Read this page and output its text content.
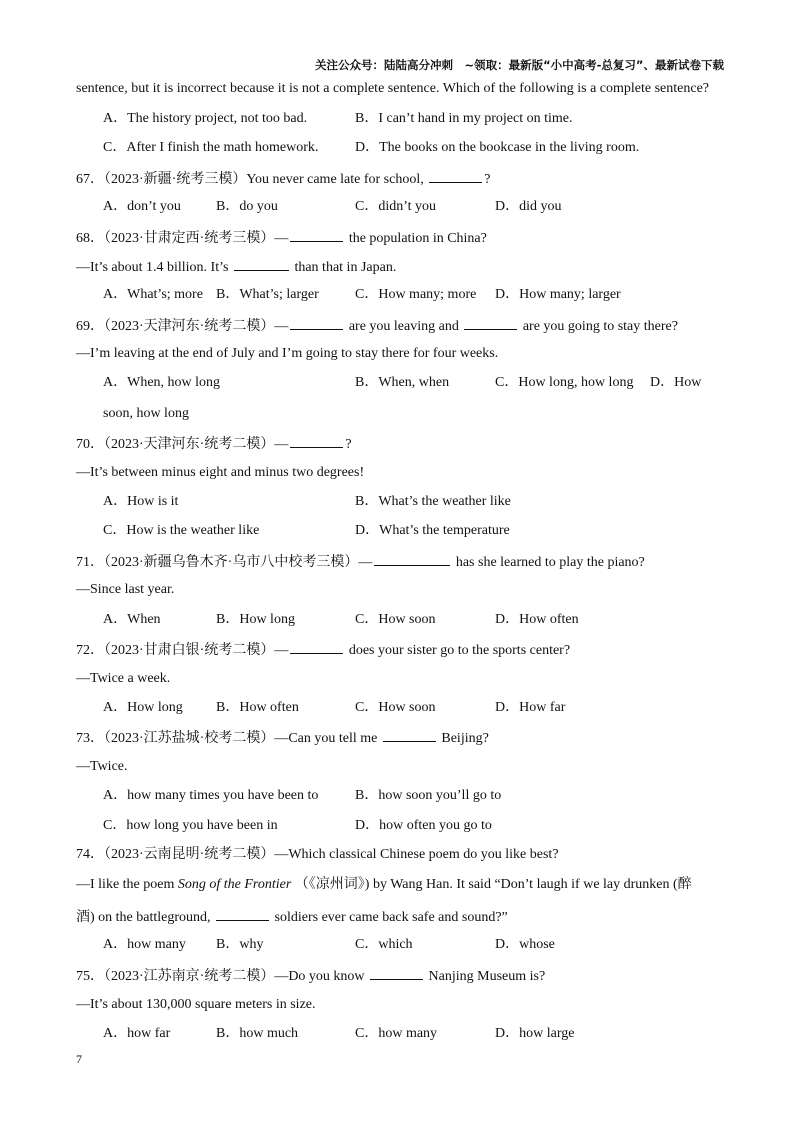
关注公众号：陆陆高分冲刺　~领取：最新版“小中高考-总复习”、最新试卷下载
sentence, but it is incorrect because it is not a complete sentence. Which of the following is a complete sentence?
A．The history project, not too bad.	B．I can’t hand in my project on time.
C．After I finish the math homework.	D．The books on the bookcase in the living room.
67．（2023·新疆·统考三模）You never came late for school,	?
A．don’t you	B．do you	C．didn’t you	D．did you
68．（2023·甘肃定西·统考三模）—	the population in China?
—It’s about 1.4 billion. It’s	than that in Japan.
A．What’s; more B．What’s; larger	C．How many; more D．How many; larger
69．（2023·天津河东·统考二模）—	are you leaving and	are you going to stay there?
—I’m leaving at the end of July and I’m going to stay there for four weeks.
A．When, how long	B．When, when	C．How long, how long D．How
soon, how long
70．（2023·天津河东·统考二模）—	?
—It’s between minus eight and minus two degrees!
A．How is it	B．What’s the weather like
C．How is the weather like	D．What’s the temperature
71．（2023·新疆乌鲁木齐·乌市八中校考三模）—	has she learned to play the piano?
—Since last year.
A．When	B．How long	C．How soon	D．How often
72．（2023·甘肃白银·统考二模）—	does your sister go to the sports center?
—Twice a week.
A．How long B．How often	C．How soon	D．How far
73．（2023·江苏盐城·校考二模）—Can you tell me	Beijing?
—Twice.
A．how many times you have been to	B．how soon you’ll go to
C．how long you have been in	D．how often you go to
74．（2023·云南昆明·统考二模）—Which classical Chinese poem do you like best?
—I like the poem Song of the Frontier （《凉州词》) by Wang Han. It said “Don’t laugh if we lay drunken (醉
酒) on the battleground,	soldiers ever came back safe and sound?”
A．how many B．why	C．which	D．whose
75．（2023·江苏南京·统考二模）—Do you know	Nanjing Museum is?
—It’s about 130,000 square meters in size.
A．how far	B．how much	C．how many	D．how large
7
